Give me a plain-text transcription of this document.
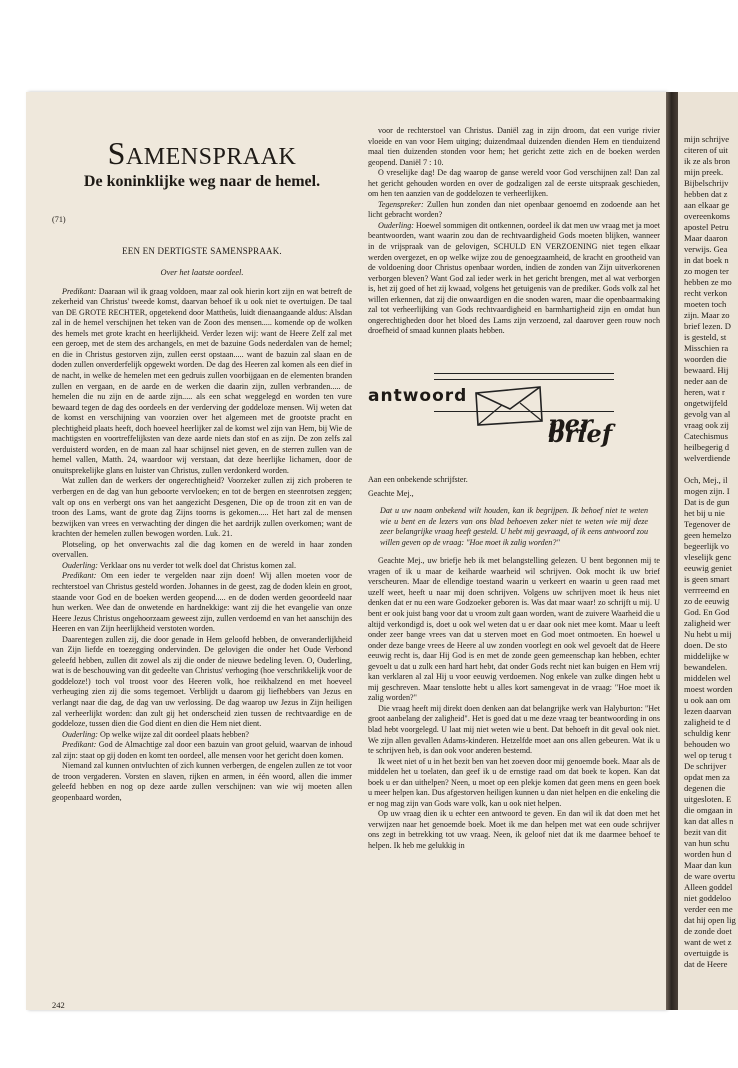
mijn schrijve
citeren of uit
ik ze als bron
mijn preek.
Bijbelschrijv
hebben dat z
aan elkaar ge
overeenkoms
apostel Petru
Maar daaron
verwijs. Gea
in dat boek n
zo mogen ter
hebben ze mo
recht verkon
moeten toch
zijn. Maar zo
brief lezen. D
is gesteld, st
Misschien ra
woorden die
bewaard. Hij
neder aan de
heren, wat r
ongetwijfeld
gevolg van al
vraag ook zij
Catechismus
heilbegerig d
welverdiende

Och, Mej., il
mogen zijn. I
Dat is de gun
het bij u nie
Tegenover de
geen hemelzo
begeerlijk vo
vleselijk genc
eeuwig geniet
is geen smart
verrreemd en
zo de eeuwig
God. En God
zaligheid wer
Nu hebt u mij
doen. De sto
middelijke w
bewandelen.
middelen wel
moest worden
u ook aan om
lezen daarvan
zaligheid te d
schuldig kenr
behouden wo
wel op terug t
De schrijver
opdat men za
degenen die
uitgesloten. E
die omgaan in
kan dat alles n
bezit van dit
van hun schu
worden hun d
Maar dan kun
de ware overtu
Alleen goddel
niet goddeloo
verder een me
dat hij open lig
de zonde doet
want de wet z
overtuigde is
dat de Heere
SAMENSPRAAK
De koninklijke weg naar de hemel.
(71)
EEN EN DERTIGSTE SAMENSPRAAK.
Over het laatste oordeel.

Predikant: Daaraan wil ik graag voldoen, maar zal ook hierin kort zijn en wat betreft de zekerheid van Christus' tweede komst, daarvan behoef ik u ook niet te overtuigen. De taal van DE GROTE RECHTER, opgetekend door Mattheüs, luidt dienaangaande aldus: Alsdan zal in de hemel verschijnen het teken van de Zoon des mensen..... komende op de wolken des hemels met grote kracht en heerlijkheid. Verder lezen wij: want de Heere Zelf zal met een geroep, met de stem des archangels, en met de bazuine Gods nederdalen van de hemel; en die in Christus gestorven zijn, zullen eerst opstaan..... want de bazuin zal slaan en de doden zullen onverderfelijk opgewekt worden. De dag des Heeren zal komen als een dief in de nacht, in welke de hemelen met een gedruis zullen voorbijgaan en de elementen branden zullen en vergaan, en de aarde en de werken die daarin zijn, zullen verbranden..... de hemelen die nu zijn en de aarde zijn..... als een schat weggelegd en worden ten vure bewaard tegen de dag des oordeels en der verderving der goddeloze mensen. Wij weten dat de komst en verschijning van voorzien over het algemeen met de grootste pracht en plechtigheid plaats heeft, doch hoeveel heerlijker zal de komst wel zijn van Hem, bij Wie de machtigsten en voortreffelijksten van deze aarde niets dan stof en as zijn. De zon zelfs zal verduisterd worden, en de maan zal haar schijnsel niet geven, en de sterren zullen van de hemel vallen, Matth. 24, waardoor wij verstaan, dat deze heerlijke lichamen, door de onuitsprekelijke glans en luister van Christus, zullen verdonkerd worden.

Wat zullen dan de werkers der ongerechtigheid? Voorzeker zullen zij zich proberen te verbergen en de dag van hun geboorte vervloeken; en tot de bergen en steenrotsen zeggen; valt op ons en verbergt ons van het aangezicht Desgenen, Die op de troon zit en van de troon des Lams, want de grote dag Zijns toorns is gekomen..... Het hart zal de mensen bezwijken van vrees en verwachting der dingen die het aardrijk zullen overkomen; want de krachten der hemelen zullen bewogen worden. Luk. 21.

Plotseling, op het onverwachts zal die dag komen en de wereld in haar zonden overvallen.

Ouderling: Verklaar ons nu verder tot welk doel dat Christus komen zal.

Predikant: Om een ieder te vergelden naar zijn doen! Wij allen moeten voor de rechterstoel van Christus gesteld worden. Johannes in de geest, zag de doden klein en groot, staande voor God en de boeken werden geopend..... en de doden werden geoordeeld naar hun werken. Wee dan de onwetende en hardnekkige: want zij die het evangelie van onze Heere Jezus Christus ongehoorzaam geweest zijn, zullen verdoemd en van het aanschijn des Heeren en van Zijn heerlijkheid verstoten worden.

Daarentegen zullen zij, die door genade in Hem geloofd hebben, de onveranderlijkheid van Zijn liefde en toezegging ondervinden. De gelovigen die onder het Oude Verbond geleefd hebben, zullen dit zowel als zij die onder de nieuwe bedeling leven. O, Ouderling, wat is de beschouwing van dit gedeelte van Christus' verhoging (hoe verschrikkelijk voor de goddeloze!) toch vol troost voor des Heeren volk, hoe reikhalzend en met hoeveel verheuging zien zij die soms tegemoet. Verblijdt u daarom gij liefhebbers van Jezus en verlangt naar die dag, de dag van uw verlossing. De dag waarop uw Jezus in Zijn heiligen zal verheerlijkt worden: dan zult gij het onderscheid zien tussen de rechtvaardige en de goddeloze, tussen dien die God dient en dien die Hem niet dient.

Ouderling: Op welke wijze zal dit oordeel plaats hebben?

Predikant: God de Almachtige zal door een bazuin van groot geluid, waarvan de inhoud zal zijn: staat op gij doden en komt ten oordeel, alle mensen voor het gericht doen komen.

Niemand zal kunnen ontvluchten of zich kunnen verbergen, de engelen zullen ze tot voor de troon vergaderen. Vorsten en slaven, rijken en armen, in één woord, allen die immer geleefd hebben en nog op deze aarde zullen verschijnen: van wie wij moeten allen geopenbaard worden,

242

voor de rechterstoel van Christus. Daniël zag in zijn droom, dat een vurige rivier vloeide en van voor Hem uitging; duizendmaal duizenden dienden Hem en tienduizend maal tien duizenden stonden voor hem; het gericht zette zich en de boeken werden geopend. Daniël 7 : 10.

O vreselijke dag! De dag waarop de ganse wereld voor God verschijnen zal! Dan zal het gericht gehouden worden en over de godzaligen zal de eerste uitspraak geschieden, om hen ten aanzien van de goddelozen te verheerlijken.

Tegenspreker: Zullen hun zonden dan niet openbaar genoemd en zodoende aan het licht gebracht worden?

Ouderling: Hoewel sommigen dit ontkennen, oordeel ik dat men uw vraag met ja moet beantwoorden, want waarin zou dan de rechtvaardigheid Gods moeten blijken, wanneer in de vrijspraak van de gelovigen, SCHULD EN VERZOENING niet tegen elkaar werden overgezet, en op welke wijze zou de genoegzaamheid, de kracht en grootheid van de voldoening door Christus openbaar worden, indien de zonden van Zijn uitverkorenen verborgen bleven? Want God zal ieder werk in het gericht brengen, met al wat verborgen is, het zij goed of het zij kwaad, volgens het getuigenis van de prediker. Gods volk zal het willen erkennen, dat zij die onwaardigen en die snoden waren, maar die openbaarmaking zal tot verheerlijking van Gods rechtvaardigheid en barmhartigheid zijn en omdat hun ongerechtigheden door het bloed des Lams zijn verzoend, zal daarover geen rouw noch droefheid of smaad kunnen plaats hebben.

antwoord
per brief
Aan een onbekende schrijfster.
Geachte Mej.,
Dat u uw naam onbekend wilt houden, kan ik begrijpen. Ik behoef niet te weten wie u bent en de lezers van ons blad behoeven zeker niet te weten wie mij deze zeer belangrijke vraag heeft gesteld. U hebt mij gevraagd, of ik eens antwoord zou willen geven op de vraag: "Hoe moet ik zalig worden?"

Geachte Mej., uw briefje heb ik met belangstelling gelezen. U bent begonnen mij te vragen of ik u maar de keiharde waarheid wil schrijven. Ook mocht ik uw brief verscheuren. Maar de ellendige toestand waarin u verkeert en waarin u geen raad met uzelf weet, heeft u naar mij doen schrijven. Volgens uw schrijven moet ik heus niet denken dat er nu een ware Godzoeker geboren is. Was dat maar waar! zo schrijft u mij. U bent er ook juist bang voor dat u vroom zult gaan worden, want de zuivere Waarheid die u altijd verkondigd is, doet u ook wel weten dat u er daar ook niet mee komt. Maar u leeft onder zeer bange vrees van dat u sterven moet en God moet ontmoeten. En hoewel u onder deze bange vrees de Heere al uw zonden voorlegt en ook wel gevoelt dat de Heere eeuwig recht is, daar Hij God is en met de zonde geen gemeenschap kan hebben, echter gevoelt u dat u zulk een hard hart hebt, dat onder Gods recht niet kan buigen en Hem vrij kan verklaren al zal Hij u voor eeuwig verdoemen. Nog enkele van zulke dingen hebt u mij geschreven. Maar tenslotte hebt u alles kort samengevat in de vraag: "Hoe moet ik zalig worden?"

Die vraag heeft mij direkt doen denken aan dat belangrijke werk van Halyburton: "Het groot aanbelang der zaligheid". Het is goed dat u me deze vraag ter beantwoording in ons blad hebt voorgelegd. U laat mij niet weten wie u bent. Dat behoeft in dit geval ook niet. We zijn allen gevallen Adams-kinderen. Hetzelfde moet aan ons allen gebeuren. Wat ik u te schrijven heb, is dan ook voor anderen bestemd.

Ik weet niet of u in het bezit ben van het zoeven door mij genoemde boek. Maar als de middelen het u toelaten, dan geef ik u de ernstige raad om dat boek te kopen. Kan dat boek u er dan uithelpen? Neen, u moet op een plekje komen dat geen mens en geen boek u meer helpen kan. Dus afgestorven heiligen kunnen u dan niet helpen en die enkeling die er nog mag zijn van Gods ware volk, kan u ook niet helpen.

Op uw vraag dien ik u echter een antwoord te geven. En dan wil ik dat doen met het verwijzen naar het genoemde boek. Moet ik me dan helpen met wat een oude schrijver ons zegt in betrekking tot uw vraag. Neen, ik geloof niet dat ik me daarmee behoef te helpen. Ik heb me gelukkig in
